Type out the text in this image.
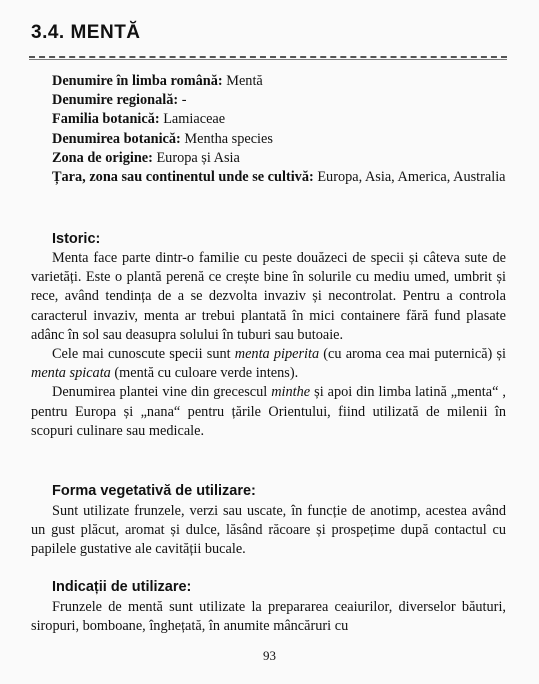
3.4. MENTĂ
Denumire în limba română: Mentă
Denumire regională: -
Familia botanică: Lamiaceae
Denumirea botanică: Mentha species
Zona de origine: Europa și Asia
Țara, zona sau continentul unde se cultivă: Europa, Asia, America, Australia
Istoric:

Menta face parte dintr-o familie cu peste douăzeci de specii și câteva sute de varietăți. Este o plantă perenă ce crește bine în solurile cu mediu umed, umbrit și rece, având tendința de a se dezvolta invaziv și necontrolat. Pentru a controla caracterul invaziv, menta ar trebui plantată în mici containere fără fund plasate adânc în sol sau deasupra solului în tuburi sau butoaie.

Cele mai cunoscute specii sunt menta piperita (cu aroma cea mai puternică) și menta spicata (mentă cu culoare verde intens).

Denumirea plantei vine din grecescul minthe și apoi din limba latină „menta“ , pentru Europa și „nana“ pentru țările Orientului, fiind utilizată de milenii în scopuri culinare sau medicale.

Forma vegetativă de utilizare:

Sunt utilizate frunzele, verzi sau uscate, în funcție de anotimp, acestea având un gust plăcut, aromat și dulce, lăsând răcoare și prospețime după contactul cu papilele gustative ale cavității bucale.

Indicații de utilizare:

Frunzele de mentă sunt utilizate la prepararea ceaiurilor, diverselor băuturi, siropuri, bomboane, înghețată, în anumite mâncăruri cu

93
